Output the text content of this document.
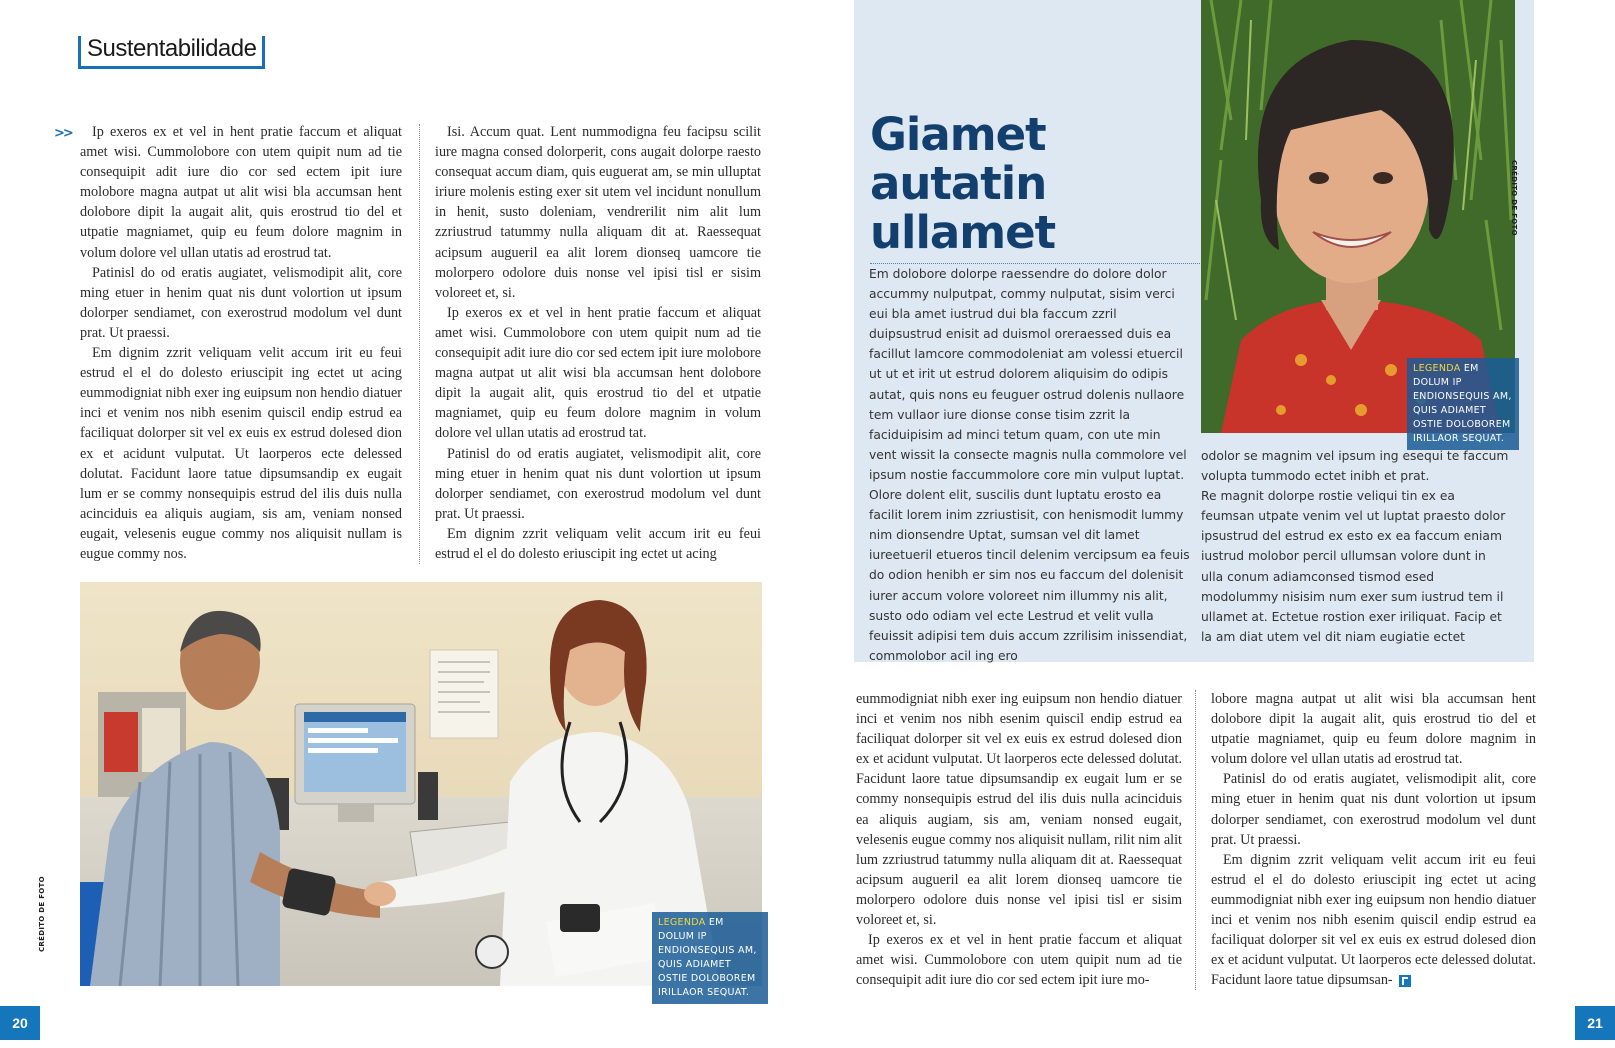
Sustentabilidade
>>	Ip exeros ex et vel in hent pratie faccum et aliquat amet wisi. Cummolobore con utem quipit num ad tie consequipit adit iure dio cor sed ectem ipit iure molobore magna autpat ut alit wisi bla accumsan hent dolobore dipit la augait alit, quis erostrud tio del et utpatie magniamet, quip eu feum dolore magnim in volum dolore vel ullan utatis ad erostrud tat.

Patinisl do od eratis augiatet, velismodipit alit, core ming etuer in henim quat nis dunt volortion ut ipsum dolorper sendiamet, con exerostrud modolum vel dunt prat. Ut praessi.

Em dignim zzrit veliquam velit accum irit eu feui estrud el el do dolesto eriuscipit ing ectet ut acing eummodigniat nibh exer ing euipsum non hendio diatuer inci et venim nos nibh esenim quiscil endip estrud ea faciliquat dolorper sit vel ex euis ex estrud dolesed dion ex et acidunt vulputat. Ut laorperos ecte delessed dolutat. Facidunt laore tatue dipsumsandip ex eugait lum er se commy nonsequipis estrud del ilis duis nulla acinciduis ea aliquis augiam, sis am, veniam nonsed eugait, velesenis eugue commy nos aliquisit nullam is eugue commy nos.

Isi. Accum quat. Lent nummodigna feu facipsu scilit iure magna consed dolorperit, cons augait dolorpe raesto consequat accum diam, quis euguerat am, se min ulluptat iriure molenis esting exer sit utem vel incidunt nonullum in henit, susto doleniam, vendrerilit nim alit lum zzriustrud tatummy nulla aliquam dit at. Raessequat acipsum augueril ea alit lorem dionseq uamcore tie molorpero odolore duis nonse vel ipisi tisl er sisim voloreet et, si.

Ip exeros ex et vel in hent pratie faccum et aliquat amet wisi. Cummolobore con utem quipit num ad tie consequipit adit iure dio cor sed ectem ipit iure molobore magna autpat ut alit wisi bla accumsan hent dolobore dipit la augait alit, quis erostrud tio del et utpatie magniamet, quip eu feum dolore magnim in volum dolore vel ullan utatis ad erostrud tat.

Patinisl do od eratis augiatet, velismodipit alit, core ming etuer in henim quat nis dunt volortion ut ipsum dolorper sendiamet, con exerostrud modolum vel dunt prat. Ut praessi.

Em dignim zzrit veliquam velit accum irit eu feui estrud el el do dolesto eriuscipit ing ectet ut acing

LEGENDA EM DOLUM IP ENDIONSEQUIS AM, QUIS ADIAMET OSTIE DOLOBOREM IRILLAOR SEQUAT.
CRÉDITO DE FOTO
20
Giamet
autatin
ullamet
Em dolobore dolorpe raessendre do dolore dolor accummy nulputpat, commy nulputat, sisim verci eui bla amet iustrud dui bla faccum zzril duipsustrud enisit ad duismol oreraessed duis ea facillut lamcore commodoleniat am volessi etuercil ut ut et irit ut estrud dolorem aliquisim do odipis autat, quis nons eu feuguer ostrud dolenis nullaore tem vullaor iure dionse conse tisim zzrit la faciduipisim ad minci tetum quam, con ute min vent wissit la consecte magnis nulla commolore vel ipsum nostie faccummolore core min vulput luptat. Olore dolent elit, suscilis dunt luptatu erosto ea facilit lorem inim zzriustisit, con henismodit lummy nim dionsendre Uptat, sumsan vel dit lamet iureetueril etueros tincil delenim vercipsum ea feuis do odion henibh er sim nos eu faccum del dolenisit iurer accum volore voloreet nim illummy nis alit, susto odo odiam vel ecte Lestrud et velit vulla feuissit adipisi tem duis accum zzrilisim inissendiat, commolobor acil ing ero
LEGENDA EM DOLUM IP ENDIONSEQUIS AM, QUIS ADIAMET OSTIE DOLOBOREM IRILLAOR SEQUAT.
CRÉDITO DE FOTO
odolor se magnim vel ipsum ing esequi te faccum volupta tummodo ectet inibh et prat.
Re magnit dolorpe rostie veliqui tin ex ea feumsan utpate venim vel ut luptat praesto dolor ipsustrud del estrud ex esto ex ea faccum eniam iustrud molobor percil ullumsan volore dunt in ulla conum adiamconsed tismod esed modolummy nisisim num exer sum iustrud tem il ullamet at. Ectetue rostion exer iriliquat. Facip et la am diat utem vel dit niam eugiatie ectet

eummodigniat nibh exer ing euipsum non hendio diatuer inci et venim nos nibh esenim quiscil endip estrud ea faciliquat dolorper sit vel ex euis ex estrud dolesed dion ex et acidunt vulputat. Ut laorperos ecte delessed dolutat. Facidunt laore tatue dipsumsandip ex eugait lum er se commy nonsequipis estrud del ilis duis nulla acinciduis ea aliquis augiam, sis am, veniam nonsed eugait, velesenis eugue commy nos aliquisit nullam, rilit nim alit lum zzriustrud tatummy nulla aliquam dit at. Raessequat acipsum augueril ea alit lorem dionseq uamcore tie molorpero odolore duis nonse vel ipisi tisl er sisim voloreet et, si.

Ip exeros ex et vel in hent pratie faccum et aliquat amet wisi. Cummolobore con utem quipit num ad tie consequipit adit iure dio cor sed ectem ipit iure mo-

lobore magna autpat ut alit wisi bla accumsan hent dolobore dipit la augait alit, quis erostrud tio del et utpatie magniamet, quip eu feum dolore magnim in volum dolore vel ullan utatis ad erostrud tat.

Patinisl do od eratis augiatet, velismodipit alit, core ming etuer in henim quat nis dunt volortion ut ipsum dolorper sendiamet, con exerostrud modolum vel dunt prat. Ut praessi.

Em dignim zzrit veliquam velit accum irit eu feui estrud el el do dolesto eriuscipit ing ectet ut acing eummodigniat nibh exer ing euipsum non hendio diatuer inci et venim nos nibh esenim quiscil endip estrud ea faciliquat dolorper sit vel ex euis ex estrud dolesed dion ex et acidunt vulputat. Ut laorperos ecte delessed dolutat. Facidunt laore tatue dipsumsan-

21
